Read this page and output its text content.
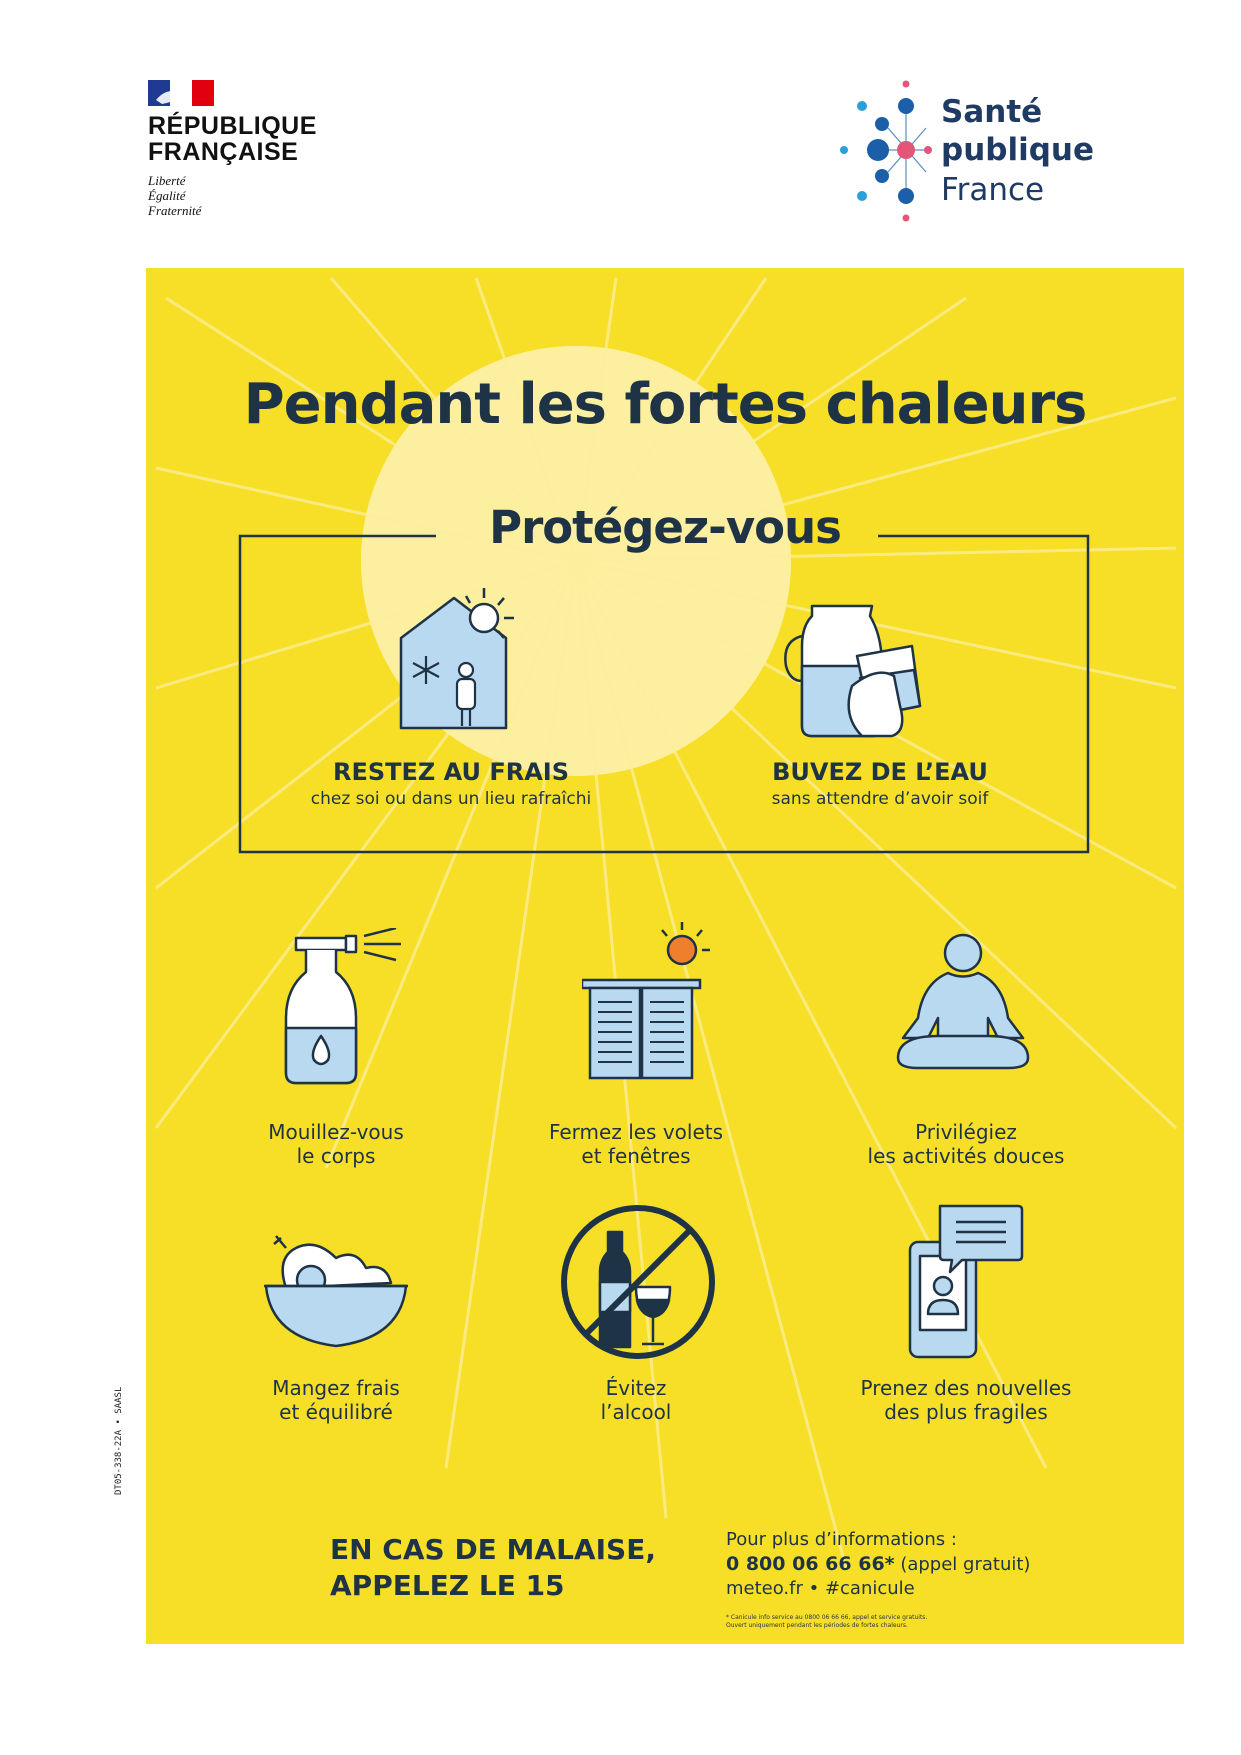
RÉPUBLIQUE
FRANÇAISE
Liberté
Égalité
Fraternité
Santé
publique
France
Pendant les fortes chaleurs
Protégez-vous
RESTEZ AU FRAIS
chez soi ou dans un lieu rafraîchi
BUVEZ DE L’EAU
sans attendre d’avoir soif
Mouillez-vous
le corps
Fermez les volets
et fenêtres
Privilégiez
les activités douces
Mangez frais
et équilibré
Évitez
l’alcool
Prenez des nouvelles
des plus fragiles
EN CAS DE MALAISE,
APPELEZ LE 15
Pour plus d’informations :
0 800 06 66 66* (appel gratuit)
meteo.fr • #canicule
* Canicule info service au 0800 06 66 66, appel et service gratuits.
Ouvert uniquement pendant les périodes de fortes chaleurs.
DT05-338-22A • SAASL
